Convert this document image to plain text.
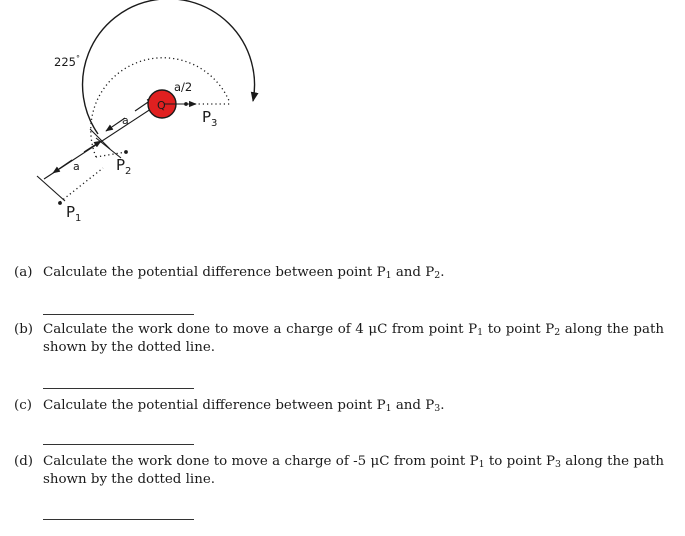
Q
225°
a/2
a
a
$P_1$
$P_2$
$P_3$
(a) Calculate the potential difference between point $P_1$ and $P_2$.
(b) Calculate the work done to move a charge of 4 μC from point $P_1$ to point $P_2$ along the path shown by the dotted line.
(c) Calculate the potential difference between point $P_1$ and $P_3$.
(d) Calculate the work done to move a charge of -5 μC from point $P_1$ to point $P_3$ along the path shown by the dotted line.
